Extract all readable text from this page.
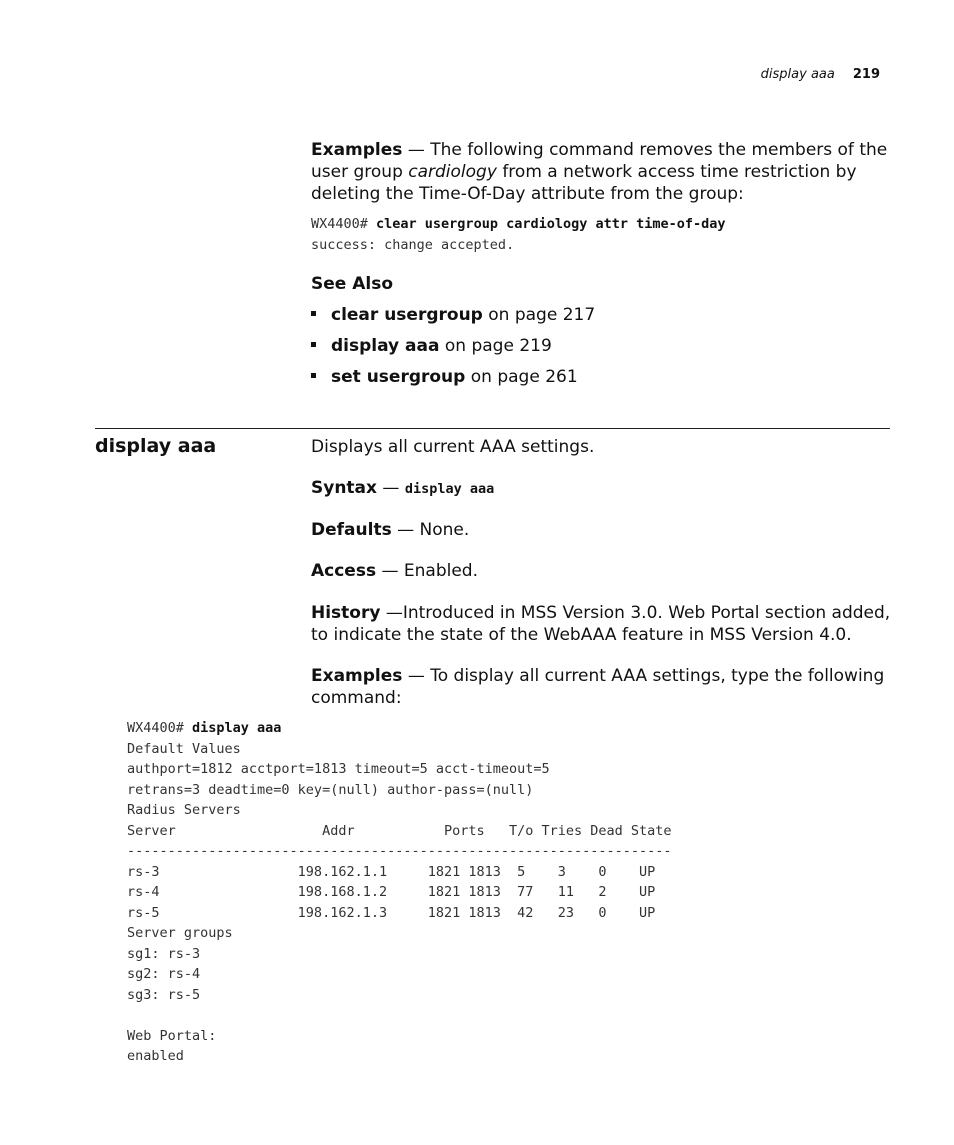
display aaa 219

Examples — The following command removes the members of the user group cardiology from a network access time restriction by deleting the Time-Of-Day attribute from the group:

WX4400# clear usergroup cardiology attr time-of-day
success: change accepted.
See Also
clear usergroup on page 217
display aaa on page 219
set usergroup on page 261
display aaa	Displays all current AAA settings.
Syntax — display aaa
Defaults — None.
Access — Enabled.
History —Introduced in MSS Version 3.0. Web Portal section added, to indicate the state of the WebAAA feature in MSS Version 4.0.
Examples — To display all current AAA settings, type the following command:
WX4400# display aaa
Default Values
authport=1812 acctport=1813 timeout=5 acct-timeout=5
retrans=3 deadtime=0 key=(null) author-pass=(null)
Radius Servers
Server                  Addr           Ports   T/o Tries Dead State
-------------------------------------------------------------------
rs-3                 198.162.1.1     1821 1813  5    3    0    UP
rs-4                 198.168.1.2     1821 1813  77   11   2    UP
rs-5                 198.162.1.3     1821 1813  42   23   0    UP
Server groups
sg1: rs-3
sg2: rs-4
sg3: rs-5

Web Portal:
enabled
